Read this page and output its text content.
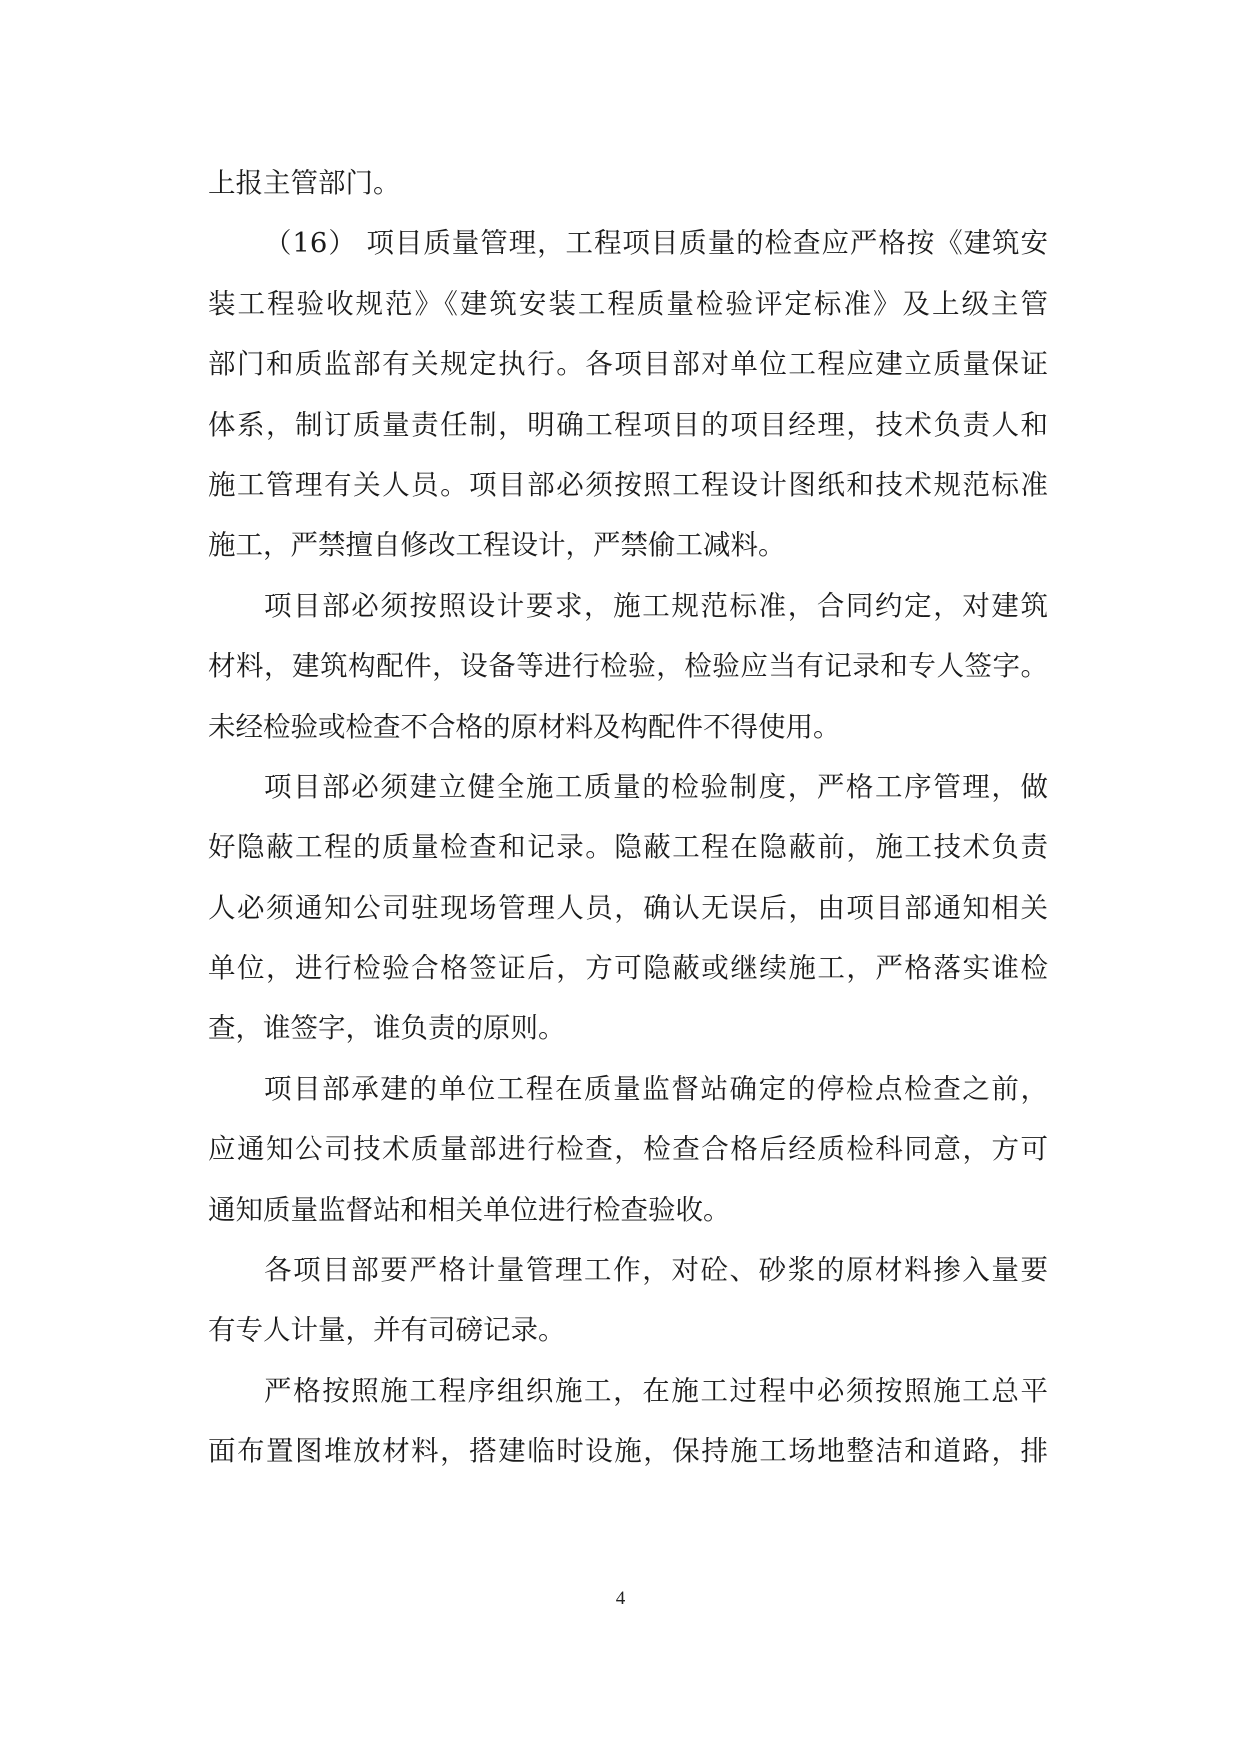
上报主管部门。
（16） 项目质量管理，工程项目质量的检查应严格按《建筑安
装工程验收规范》《建筑安装工程质量检验评定标准》及上级主管
部门和质监部有关规定执行。各项目部对单位工程应建立质量保证
体系，制订质量责任制，明确工程项目的项目经理，技术负责人和
施工管理有关人员。项目部必须按照工程设计图纸和技术规范标准
施工，严禁擅自修改工程设计，严禁偷工减料。
项目部必须按照设计要求，施工规范标准，合同约定，对建筑
材料，建筑构配件，设备等进行检验，检验应当有记录和专人签字。
未经检验或检查不合格的原材料及构配件不得使用。
项目部必须建立健全施工质量的检验制度，严格工序管理，做
好隐蔽工程的质量检查和记录。隐蔽工程在隐蔽前，施工技术负责
人必须通知公司驻现场管理人员，确认无误后，由项目部通知相关
单位，进行检验合格签证后，方可隐蔽或继续施工，严格落实谁检
查，谁签字，谁负责的原则。
项目部承建的单位工程在质量监督站确定的停检点检查之前，
应通知公司技术质量部进行检查，检查合格后经质检科同意，方可
通知质量监督站和相关单位进行检查验收。
各项目部要严格计量管理工作，对砼、砂浆的原材料掺入量要
有专人计量，并有司磅记录。
严格按照施工程序组织施工，在施工过程中必须按照施工总平
面布置图堆放材料，搭建临时设施，保持施工场地整洁和道路，排
4
